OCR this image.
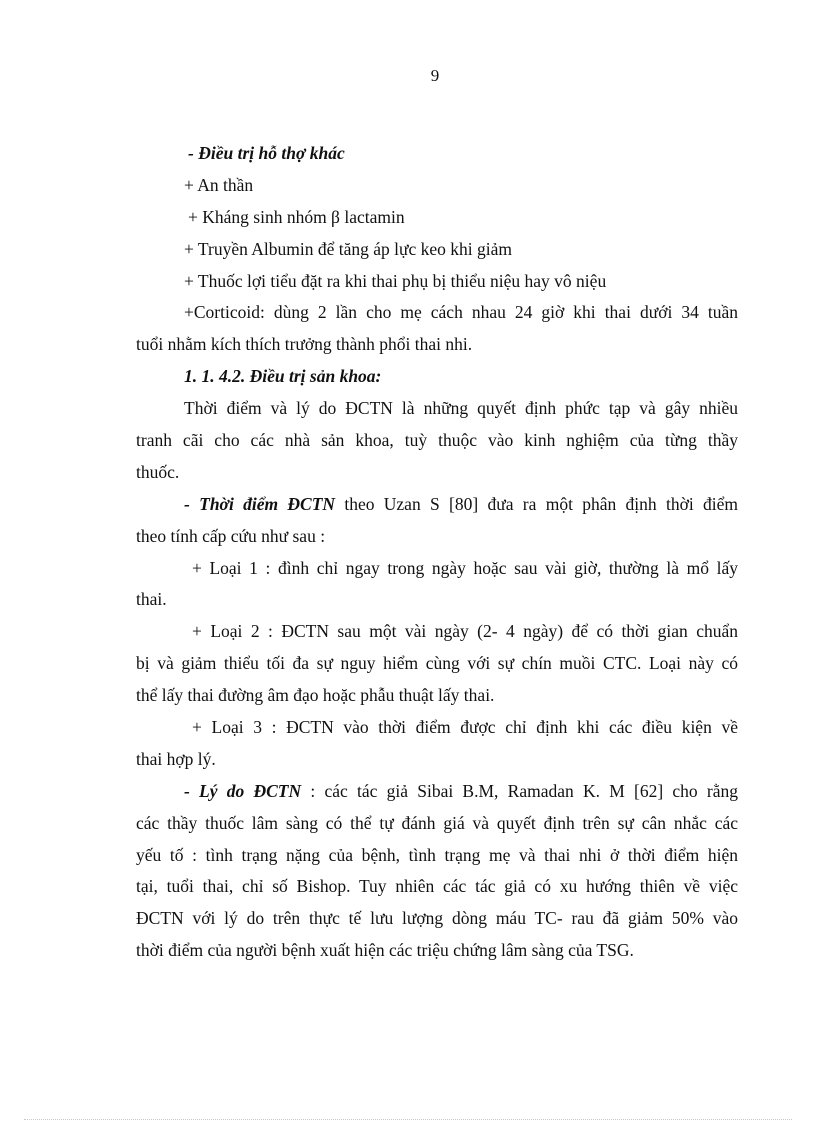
9
- Điều trị hỗ thợ khác
+ An thần
+ Kháng sinh nhóm β lactamin
+ Truyền Albumin để tăng áp lực keo khi giảm
+ Thuốc lợi tiểu đặt ra khi thai phụ bị thiểu niệu hay vô niệu
+Corticoid: dùng 2 lần cho mẹ cách nhau 24 giờ khi thai dưới 34 tuần
tuổi nhằm kích thích trưởng thành phổi thai nhi.
1. 1. 4.2. Điều trị sản khoa:
Thời điểm và lý do ĐCTN là những quyết định phức tạp và gây nhiều
tranh cãi cho các nhà sản khoa, tuỳ thuộc vào kinh nghiệm của từng thầy
thuốc.
- Thời điểm ĐCTN theo Uzan S [80] đưa ra một phân định thời điểm
theo tính cấp cứu như sau :
+ Loại 1 : đình chỉ ngay trong ngày hoặc sau vài giờ, thường là mổ lấy
thai.
+ Loại 2 : ĐCTN sau một vài ngày (2- 4 ngày) để có thời gian chuẩn
bị và giảm thiểu tối đa sự nguy hiểm cùng với sự chín muồi CTC. Loại này có
thể lấy thai đường âm đạo hoặc phẫu thuật lấy thai.
+ Loại 3 : ĐCTN vào thời điểm được chỉ định khi các điều kiện về
thai hợp lý.
- Lý do ĐCTN : các tác giả Sibai B.M, Ramadan K. M [62] cho rằng
các thầy thuốc lâm sàng có thể tự đánh giá và quyết định trên sự cân nhắc các
yếu tố : tình trạng nặng của bệnh, tình trạng mẹ và thai nhi ở thời điểm hiện
tại, tuổi thai, chỉ số Bishop. Tuy nhiên các tác giả có xu hướng thiên về việc
ĐCTN với lý do trên thực tế lưu lượng dòng máu TC- rau đã giảm 50% vào
thời điểm của người bệnh xuất hiện các triệu chứng lâm sàng của TSG.
